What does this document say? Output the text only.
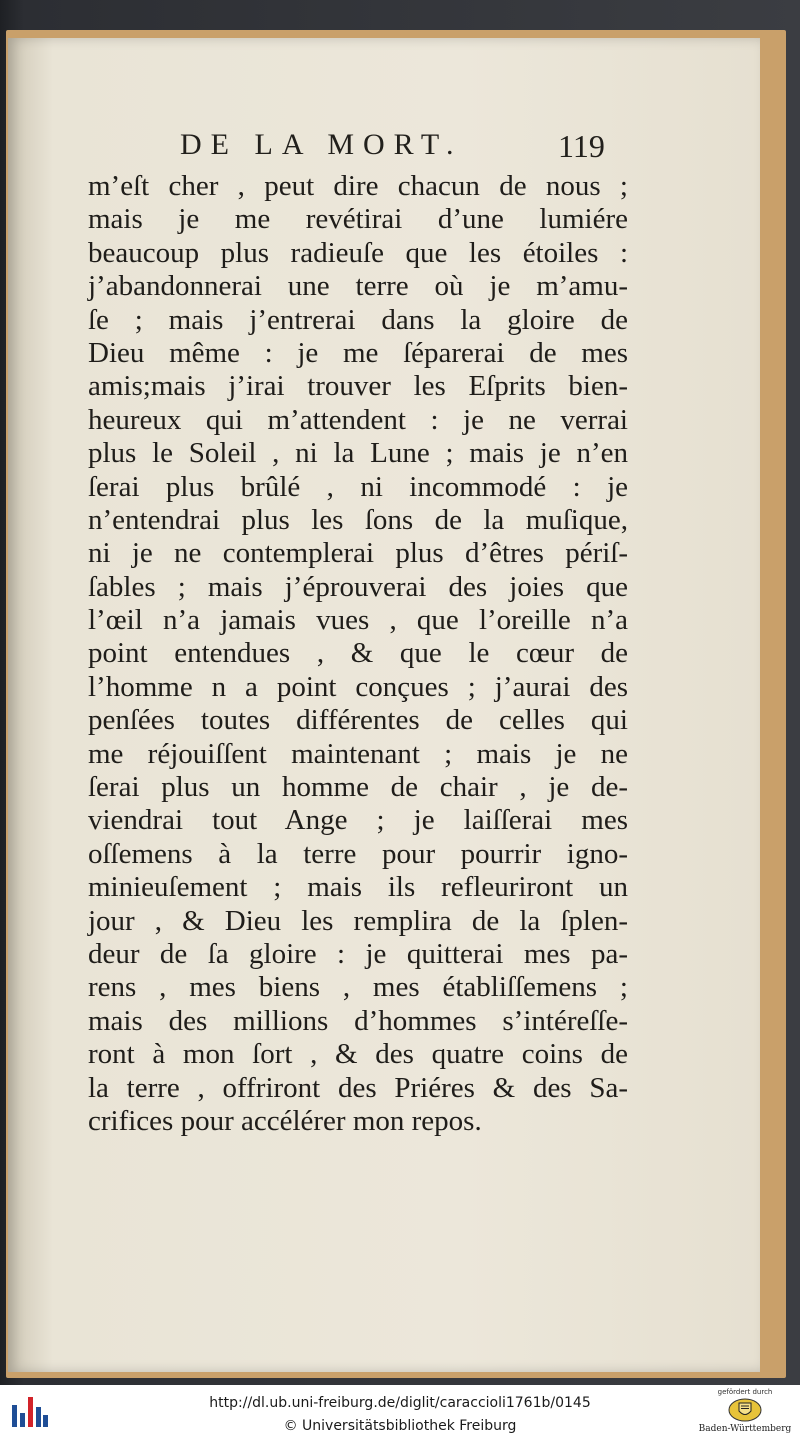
DE LA MORT.	119
m’eſt cher , peut dire chacun de nous ;
mais je me revétirai d’une lumiére
beaucoup plus radieuſe que les étoiles :
j’abandonnerai une terre où je m’amu-
ſe ; mais j’entrerai dans la gloire de
Dieu même : je me ſéparerai de mes
amis;mais j’irai trouver les Eſprits bien-
heureux qui m’attendent : je ne verrai
plus le Soleil , ni la Lune ; mais je n’en
ſerai plus brûlé , ni incommodé : je
n’entendrai plus les ſons de la muſique,
ni je ne contemplerai plus d’êtres périſ-
ſables ; mais j’éprouverai des joies que
l’œil n’a jamais vues , que l’oreille n’a
point entendues , & que le cœur de
l’homme n a point conçues ; j’aurai des
penſées toutes différentes de celles qui
me réjouiſſent maintenant ; mais je ne
ſerai plus un homme de chair , je de-
viendrai tout Ange ; je laiſſerai mes
oſſemens à la terre pour pourrir igno-
minieuſement ; mais ils refleuriront un
jour , & Dieu les remplira de la ſplen-
deur de ſa gloire : je quitterai mes pa-
rens , mes biens , mes établiſſemens ;
mais des millions d’hommes s’intéreſſe-
ront à mon ſort , & des quatre coins de
la terre , offriront des Priéres & des Sa-
crifices pour accélérer mon repos.
http://dl.ub.uni-freiburg.de/diglit/caraccioli1761b/0145
© Universitätsbibliothek Freiburg
gefördert durch
Baden-Württemberg
